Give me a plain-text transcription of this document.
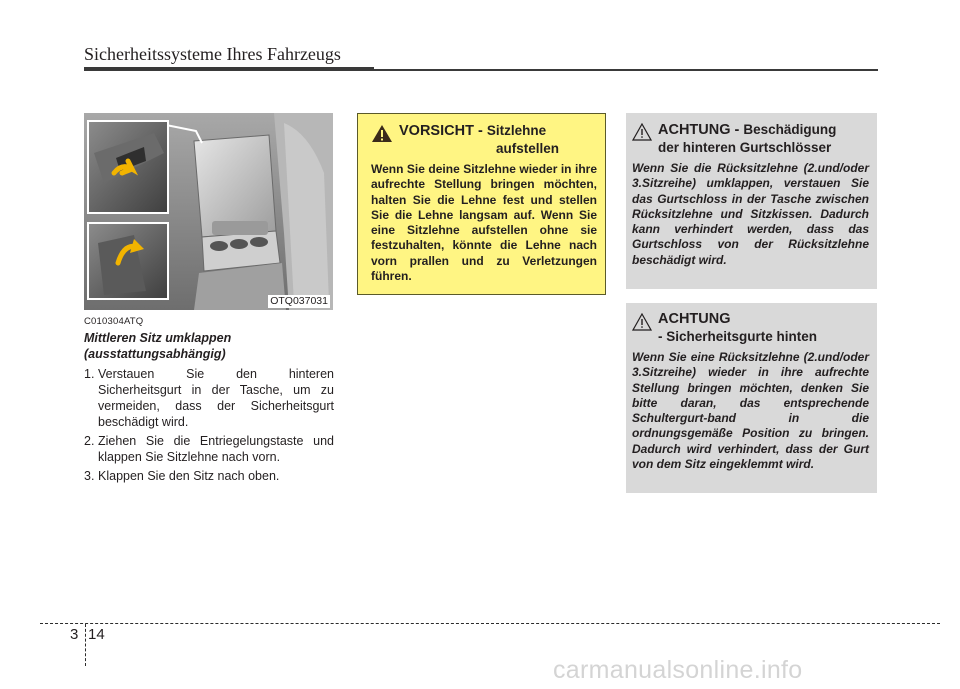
Sicherheitssysteme Ihres Fahrzeugs
OTQ037031
C010304ATQ
Mittleren Sitz umklappen (ausstattungsabhängig)
1. Verstauen Sie den hinteren Sicherheitsgurt in der Tasche, um zu vermeiden, dass der Sicherheitsgurt beschädigt wird.
2. Ziehen Sie die Entriegelungstaste und klappen Sie Sitzlehne nach vorn.
3. Klappen Sie den Sitz nach oben.
VORSICHT - Sitzlehne
aufstellen
Wenn Sie deine Sitzlehne wieder in ihre aufrechte Stellung bringen möchten, halten Sie die Lehne fest und stellen Sie die Lehne langsam auf. Wenn Sie eine Sitzlehne aufstellen ohne sie festzuhalten, könnte die Lehne nach vorn prallen und zu Verletzungen führen.
ACHTUNG - Beschädigung
der hinteren Gurtschlösser
Wenn Sie die Rücksitzlehne (2.und/oder 3.Sitzreihe) umklappen, verstauen Sie das Gurtschloss in der Tasche zwischen Rücksitzlehne und Sitzkissen. Dadurch kann verhindert werden, dass das Gurtschloss von der Rücksitzlehne beschädigt wird.
ACHTUNG
- Sicherheitsgurte hinten
Wenn Sie eine Rücksitzlehne (2.und/oder 3.Sitzreihe) wieder in ihre aufrechte Stellung bringen möchten, denken Sie bitte daran, das entsprechende Schultergurt-band in die ordnungsgemäße Position zu bringen. Dadurch wird verhindert, dass der Gurt von dem Sitz eingeklemmt wird.
3 14
carmanualsonline.info
